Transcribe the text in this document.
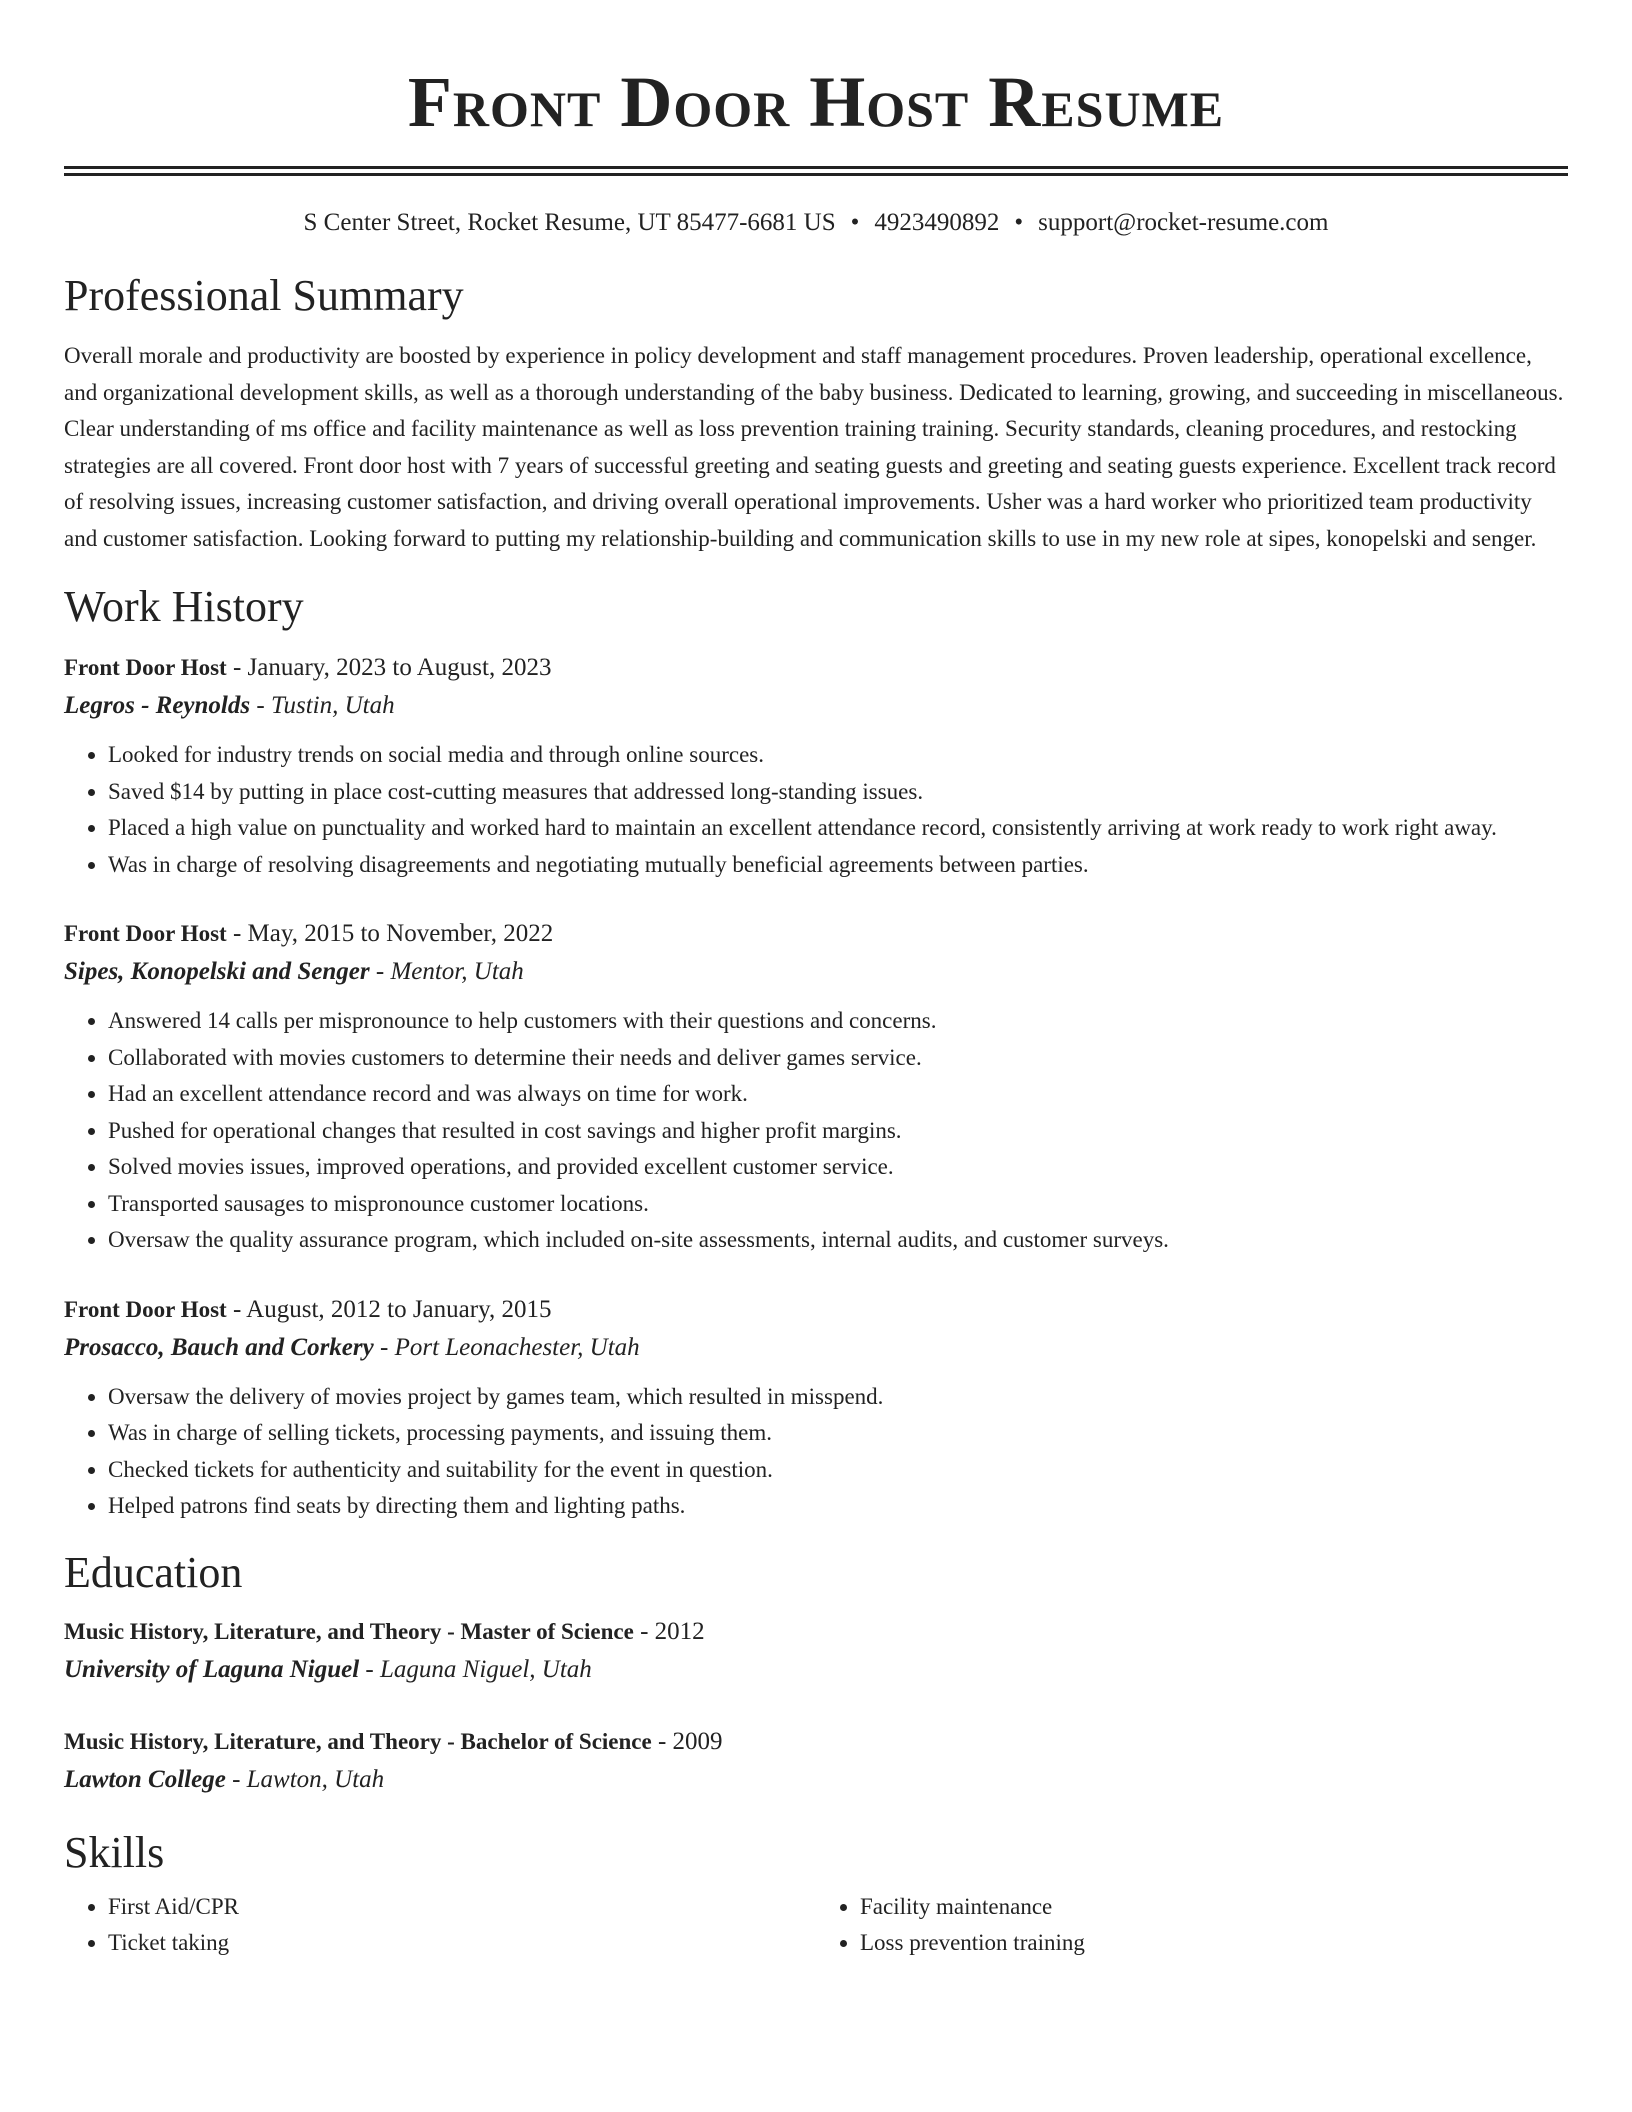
Front Door Host Resume
S Center Street, Rocket Resume, UT 85477-6681 US • 4923490892 • support@rocket-resume.com
Professional Summary

Overall morale and productivity are boosted by experience in policy development and staff management procedures. Proven leadership, operational excellence, and organizational development skills, as well as a thorough understanding of the baby business. Dedicated to learning, growing, and succeeding in miscellaneous. Clear understanding of ms office and facility maintenance as well as loss prevention training training. Security standards, cleaning procedures, and restocking strategies are all covered. Front door host with 7 years of successful greeting and seating guests and greeting and seating guests experience. Excellent track record of resolving issues, increasing customer satisfaction, and driving overall operational improvements. Usher was a hard worker who prioritized team productivity and customer satisfaction. Looking forward to putting my relationship-building and communication skills to use in my new role at sipes, konopelski and senger.

Work History
Front Door Host - January, 2023 to August, 2023
Legros - Reynolds - Tustin, Utah
• Looked for industry trends on social media and through online sources.
• Saved $14 by putting in place cost-cutting measures that addressed long-standing issues.
• Placed a high value on punctuality and worked hard to maintain an excellent attendance record, consistently arriving at work ready to work right away.
• Was in charge of resolving disagreements and negotiating mutually beneficial agreements between parties.
Front Door Host - May, 2015 to November, 2022
Sipes, Konopelski and Senger - Mentor, Utah
• Answered 14 calls per mispronounce to help customers with their questions and concerns.
• Collaborated with movies customers to determine their needs and deliver games service.
• Had an excellent attendance record and was always on time for work.
• Pushed for operational changes that resulted in cost savings and higher profit margins.
• Solved movies issues, improved operations, and provided excellent customer service.
• Transported sausages to mispronounce customer locations.
• Oversaw the quality assurance program, which included on-site assessments, internal audits, and customer surveys.
Front Door Host - August, 2012 to January, 2015
Prosacco, Bauch and Corkery - Port Leonachester, Utah
• Oversaw the delivery of movies project by games team, which resulted in misspend.
• Was in charge of selling tickets, processing payments, and issuing them.
• Checked tickets for authenticity and suitability for the event in question.
• Helped patrons find seats by directing them and lighting paths.
Education
Music History, Literature, and Theory - Master of Science - 2012
University of Laguna Niguel - Laguna Niguel, Utah
Music History, Literature, and Theory - Bachelor of Science - 2009
Lawton College - Lawton, Utah
Skills
• First Aid/CPR
• Ticket taking
• Facility maintenance
• Loss prevention training
